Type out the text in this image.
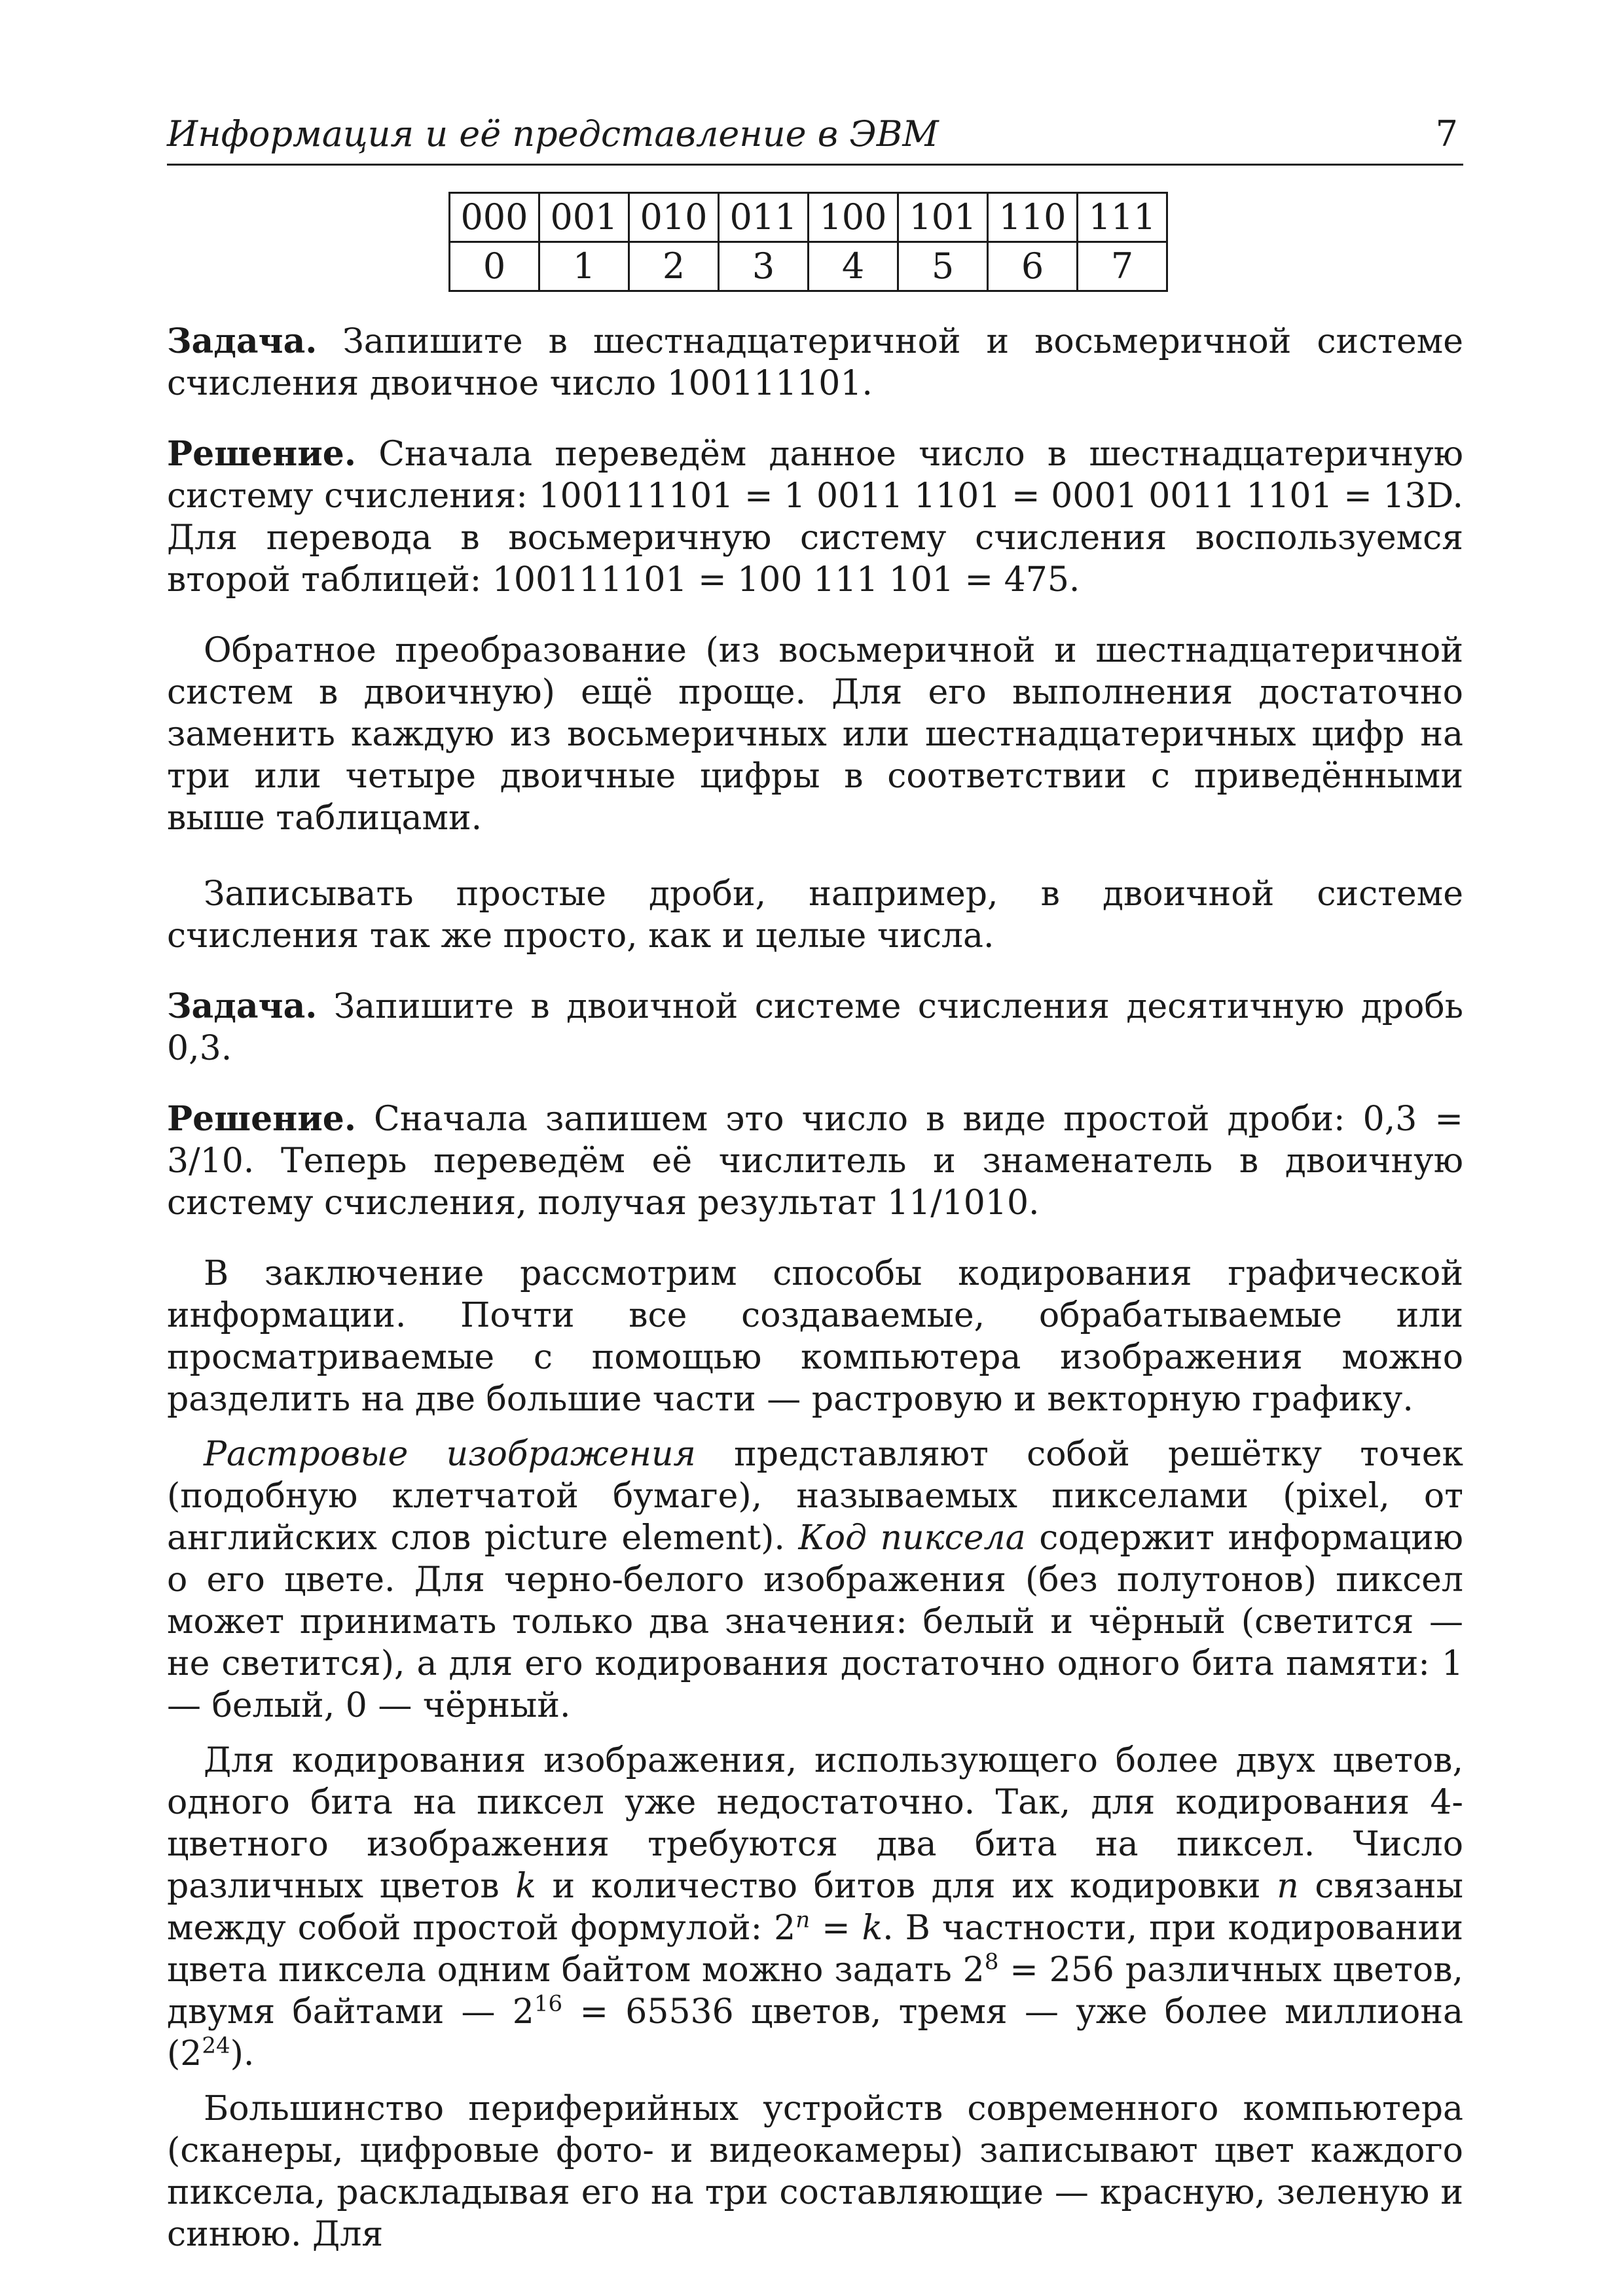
Информация и её представление в ЭВМ	7
000	001	010	011	100	101	110	111
0	1	2	3	4	5	6	7

Задача. Запишите в шестнадцатеричной и восьмеричной системе счисления двоичное число 100111101.

Решение. Сначала переведём данное число в шестнадцатеричную систему счисления: 100111101 = 1 0011 1101 = 0001 0011 1101 = 13D. Для перевода в восьмеричную систему счисления воспользуемся второй таблицей: 100111101 = 100 111 101 = 475.

Обратное преобразование (из восьмеричной и шестнадцатеричной систем в двоичную) ещё проще. Для его выполнения достаточно заменить каждую из восьмеричных или шестнадцатеричных цифр на три или четыре двоичные цифры в соответствии с приведёнными выше таблицами.

Записывать простые дроби, например, в двоичной системе счисления так же просто, как и целые числа.

Задача. Запишите в двоичной системе счисления десятичную дробь 0,3.

Решение. Сначала запишем это число в виде простой дроби: 0,3 = 3/10. Теперь переведём её числитель и знаменатель в двоичную систему счисления, получая результат 11/1010.

В заключение рассмотрим способы кодирования графической информации. Почти все создаваемые, обрабатываемые или просматриваемые с помощью компьютера изображения можно разделить на две большие части — растровую и векторную графику.

Растровые изображения представляют собой решётку точек (подобную клетчатой бумаге), называемых пикселами (pixel, от английских слов picture element). Код пиксела содержит информацию о его цвете. Для черно-белого изображения (без полутонов) пиксел может принимать только два значения: белый и чёрный (светится — не светится), а для его кодирования достаточно одного бита памяти: 1 — белый, 0 — чёрный.

Для кодирования изображения, использующего более двух цветов, одного бита на пиксел уже недостаточно. Так, для кодирования 4-цветного изображения требуются два бита на пиксел. Число различных цветов k и количество битов для их кодировки n связаны между собой простой формулой: $2^n = k$. В частности, при кодировании цвета пиксела одним байтом можно задать $2^8 = 256$ различных цветов, двумя байтами — $2^{16} = 65536$ цветов, тремя — уже более миллиона $(2^{24})$.

Большинство периферийных устройств современного компьютера (сканеры, цифровые фото- и видеокамеры) записывают цвет каждого пиксела, раскладывая его на три составляющие — красную, зеленую и синюю. Для
